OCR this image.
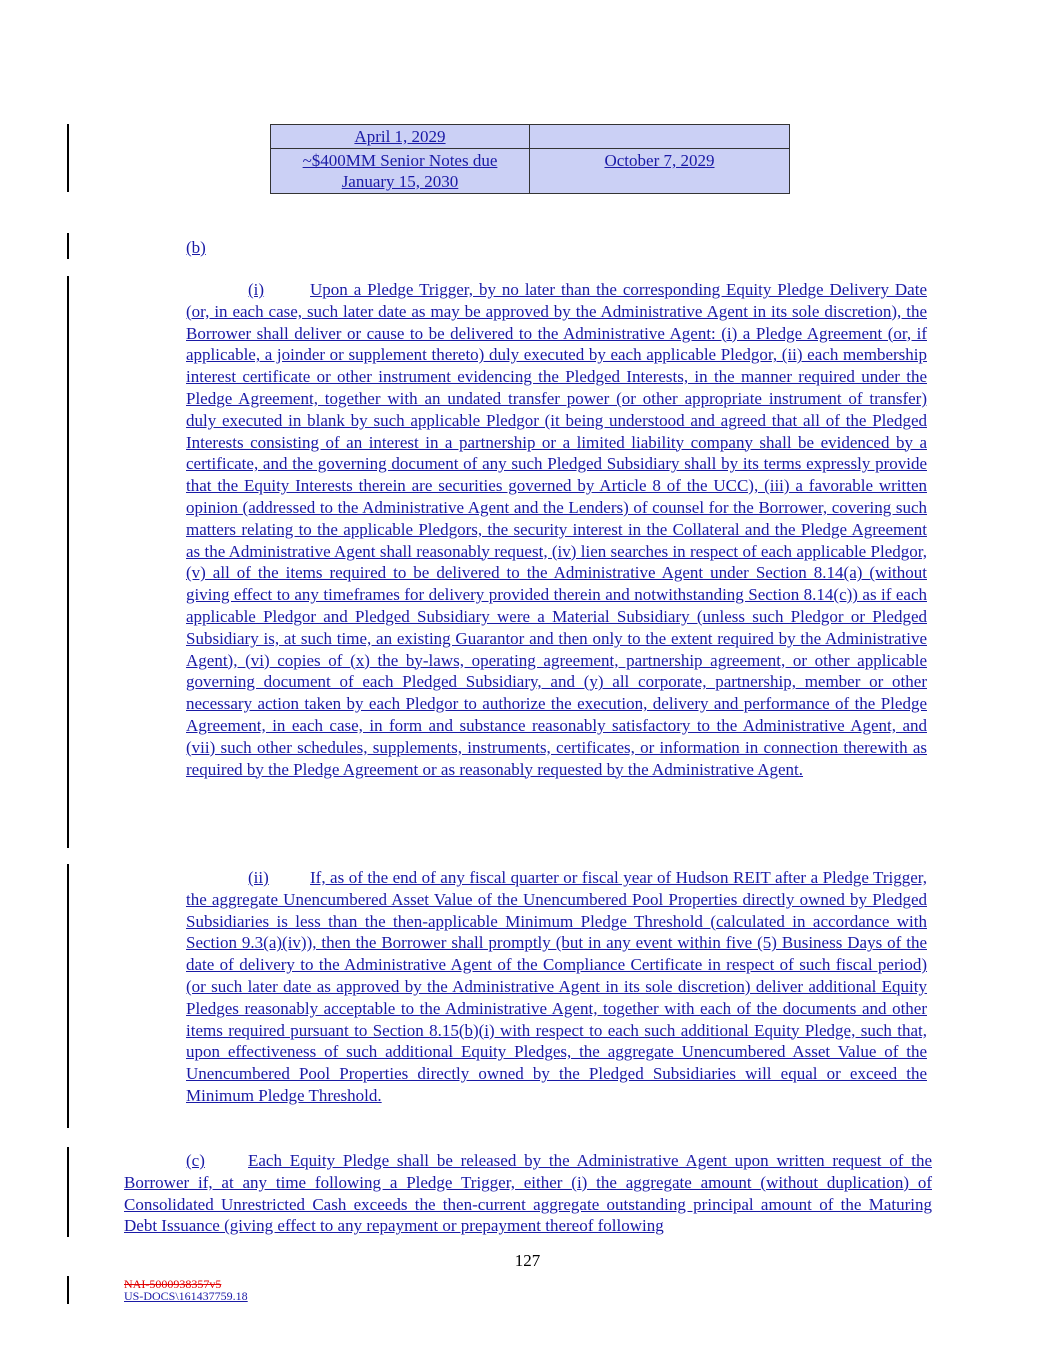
April 1, 2029	
~$400MM Senior Notes due January 15, 2030	October 7, 2029
(b)
(i)	Upon a Pledge Trigger, by no later than the corresponding Equity Pledge Delivery Date (or, in each case, such later date as may be approved by the Administrative Agent in its sole discretion), the Borrower shall deliver or cause to be delivered to the Administrative Agent: (i) a Pledge Agreement (or, if applicable, a joinder or supplement thereto) duly executed by each applicable Pledgor, (ii) each membership interest certificate or other instrument evidencing the Pledged Interests, in the manner required under the Pledge Agreement, together with an undated transfer power (or other appropriate instrument of transfer) duly executed in blank by such applicable Pledgor (it being understood and agreed that all of the Pledged Interests consisting of an interest in a partnership or a limited liability company shall be evidenced by a certificate, and the governing document of any such Pledged Subsidiary shall by its terms expressly provide that the Equity Interests therein are securities governed by Article 8 of the UCC), (iii) a favorable written opinion (addressed to the Administrative Agent and the Lenders) of counsel for the Borrower, covering such matters relating to the applicable Pledgors, the security interest in the Collateral and the Pledge Agreement as the Administrative Agent shall reasonably request, (iv) lien searches in respect of each applicable Pledgor, (v) all of the items required to be delivered to the Administrative Agent under Section 8.14(a) (without giving effect to any timeframes for delivery provided therein and notwithstanding Section 8.14(c)) as if each applicable Pledgor and Pledged Subsidiary were a Material Subsidiary (unless such Pledgor or Pledged Subsidiary is, at such time, an existing Guarantor and then only to the extent required by the Administrative Agent), (vi) copies of (x) the by-laws, operating agreement, partnership agreement, or other applicable governing document of each Pledged Subsidiary, and (y) all corporate, partnership, member or other necessary action taken by each Pledgor to authorize the execution, delivery and performance of the Pledge Agreement, in each case, in form and substance reasonably satisfactory to the Administrative Agent, and (vii) such other schedules, supplements, instruments, certificates, or information in connection therewith as required by the Pledge Agreement or as reasonably requested by the Administrative Agent.
(ii) If, as of the end of any fiscal quarter or fiscal year of Hudson REIT after a Pledge Trigger, the aggregate Unencumbered Asset Value of the Unencumbered Pool Properties directly owned by Pledged Subsidiaries is less than the then-applicable Minimum Pledge Threshold (calculated in accordance with Section 9.3(a)(iv)), then the Borrower shall promptly (but in any event within five (5) Business Days of the date of delivery to the Administrative Agent of the Compliance Certificate in respect of such fiscal period) (or such later date as approved by the Administrative Agent in its sole discretion) deliver additional Equity Pledges reasonably acceptable to the Administrative Agent, together with each of the documents and other items required pursuant to Section 8.15(b)(i) with respect to each such additional Equity Pledge, such that, upon effectiveness of such additional Equity Pledges, the aggregate Unencumbered Asset Value of the Unencumbered Pool Properties directly owned by the Pledged Subsidiaries will equal or exceed the Minimum Pledge Threshold.
(c)	Each Equity Pledge shall be released by the Administrative Agent upon written request of the Borrower if, at any time following a Pledge Trigger, either (i) the aggregate amount (without duplication) of Consolidated Unrestricted Cash exceeds the then-current aggregate outstanding principal amount of the Maturing Debt Issuance (giving effect to any repayment or prepayment thereof following
127
NAI-5000938357v5
US-DOCS\161437759.18
